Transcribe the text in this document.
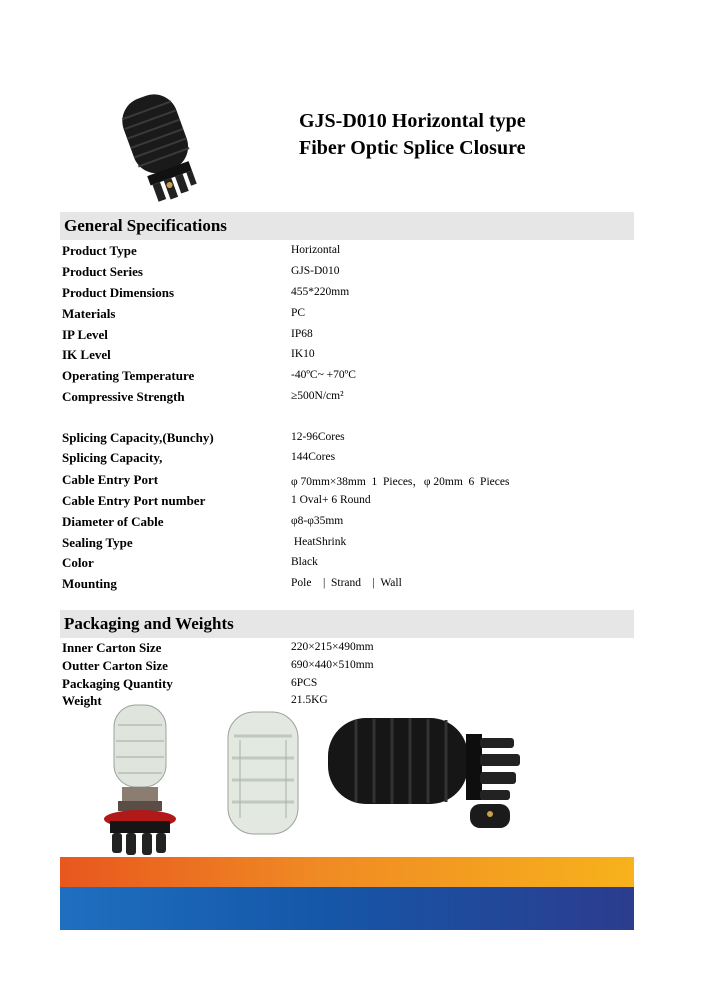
GJS-D010 Horizontal type
Fiber Optic Splice Closure
General Specifications
Product Type	Horizontal
Product Series	GJS-D010
Product Dimensions	455*220mm
Materials	PC
IP Level	IP68
IK Level	IK10
Operating Temperature	-40ºC~ +70ºC
Compressive Strength	≥500N/cm²
Splicing Capacity,(Bunchy)	12-96Cores
Splicing Capacity,	144Cores
Cable Entry Port	φ 70mm×38mm  1  Pieces，φ 20mm  6  Pieces
Cable Entry Port number	1 Oval+ 6 Round
Diameter of Cable	φ8-φ35mm
Sealing Type	HeatShrink
Color	Black
Mounting	Pole    |  Strand    |  Wall
Packaging and Weights
Inner Carton Size	220×215×490mm
Outter Carton Size	690×440×510mm
Packaging Quantity	6PCS
Weight	21.5KG
